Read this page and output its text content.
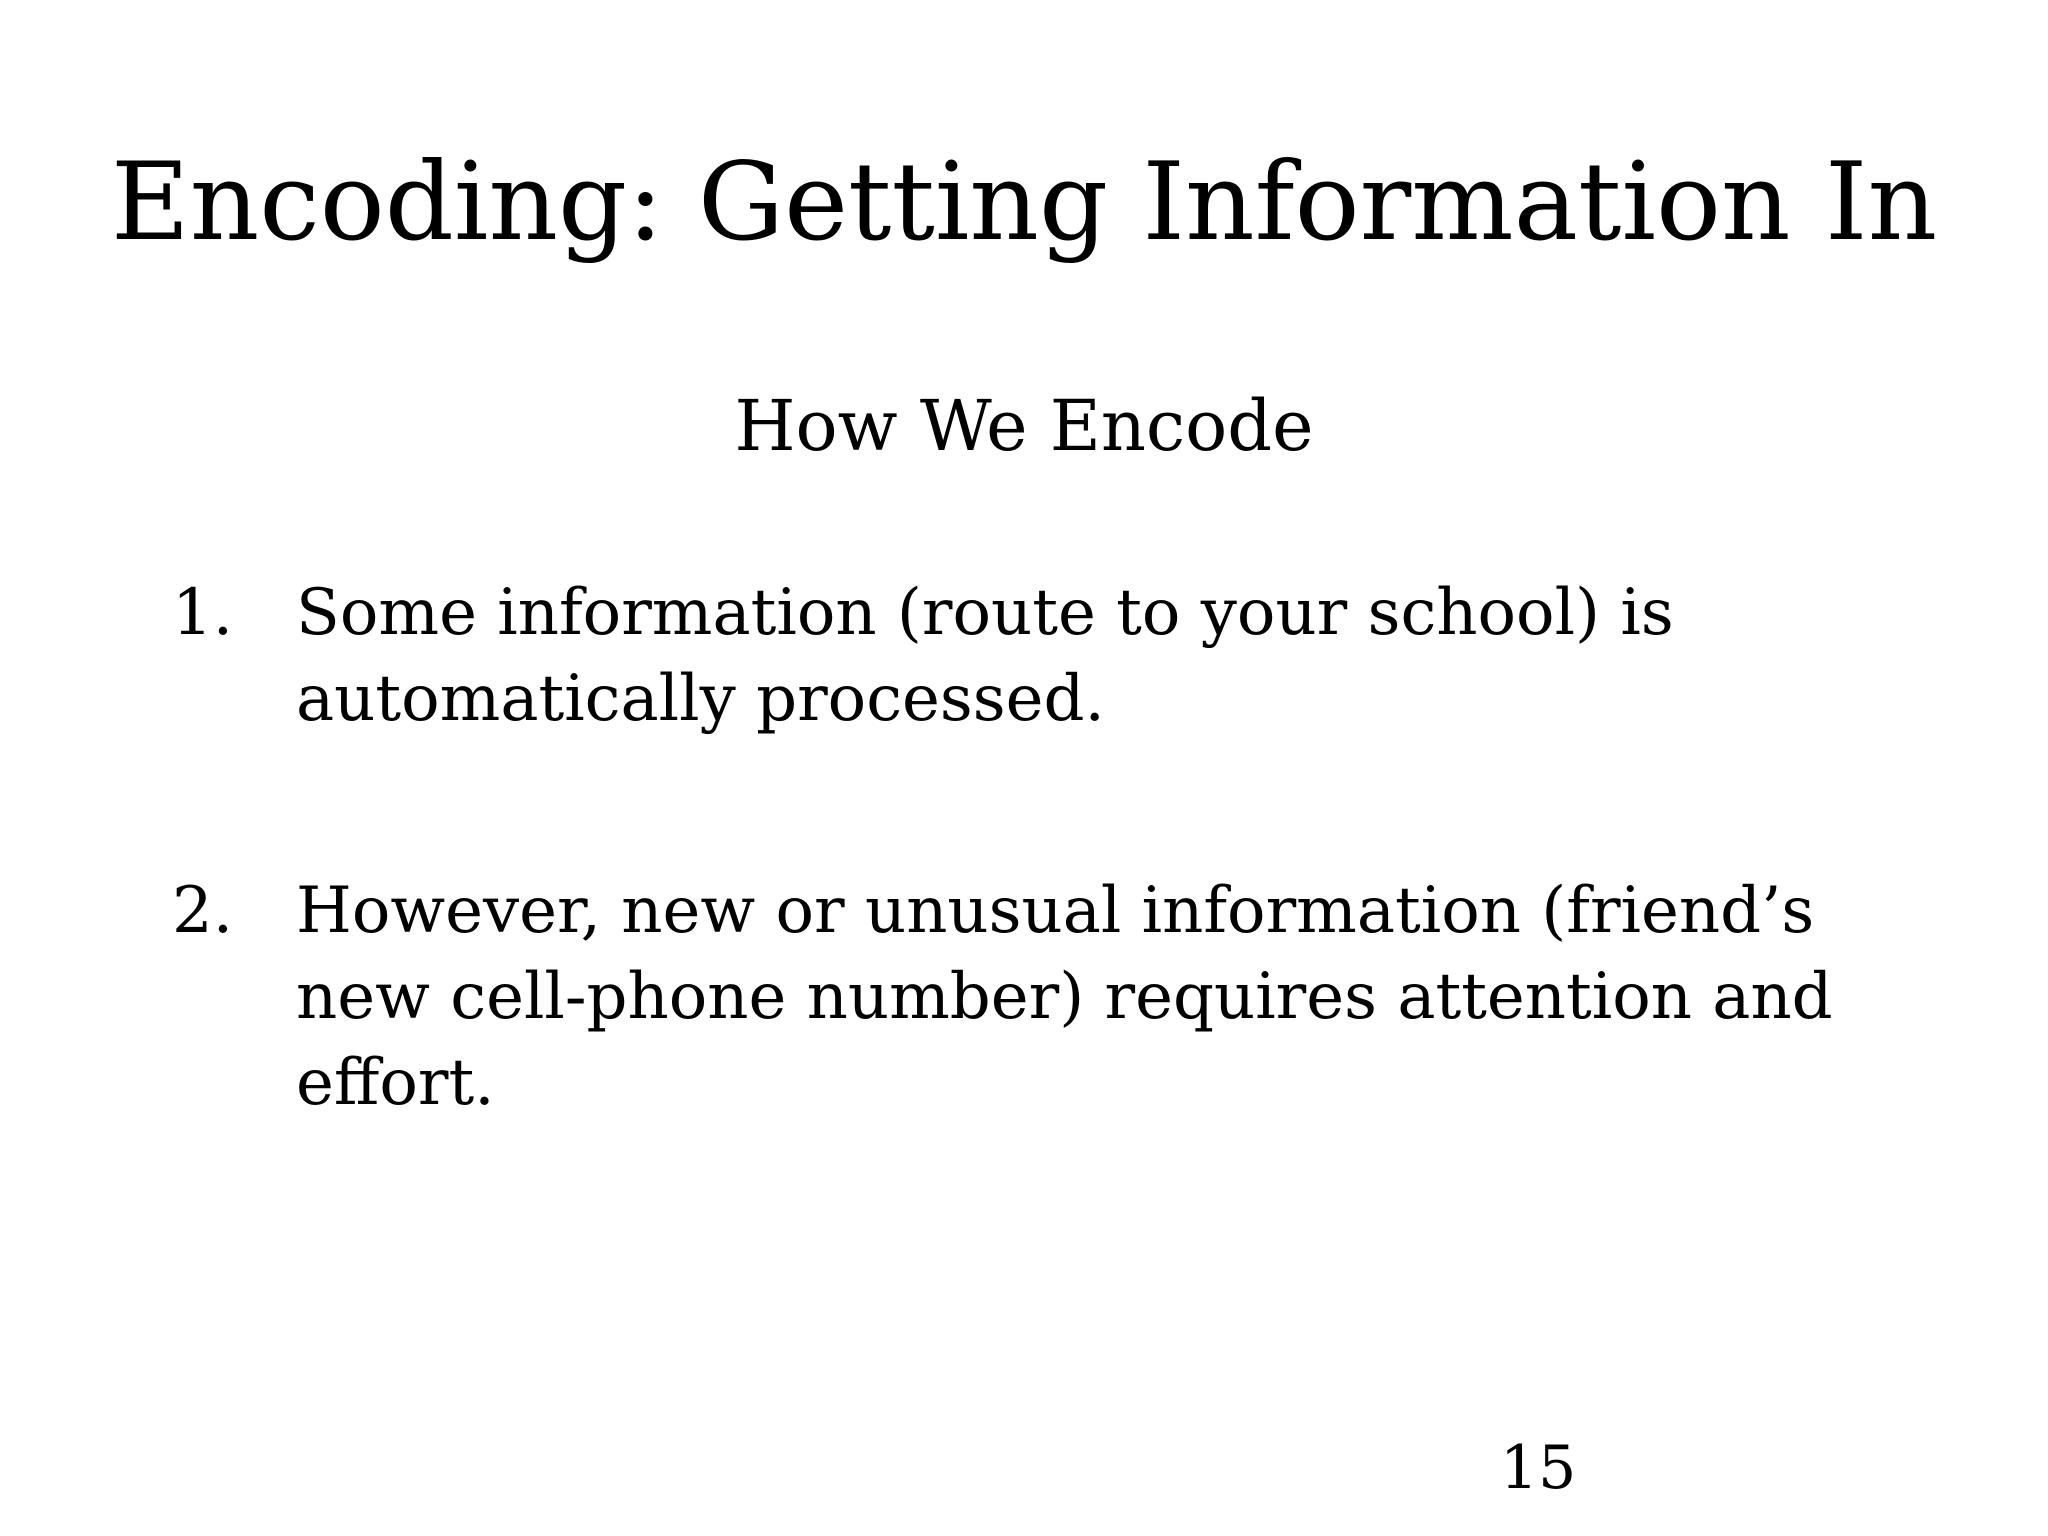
Encoding: Getting Information In
How We Encode
1. Some information (route to your school) is automatically processed.
2. However, new or unusual information (friend’s new cell-phone number) requires attention and effort.
15
